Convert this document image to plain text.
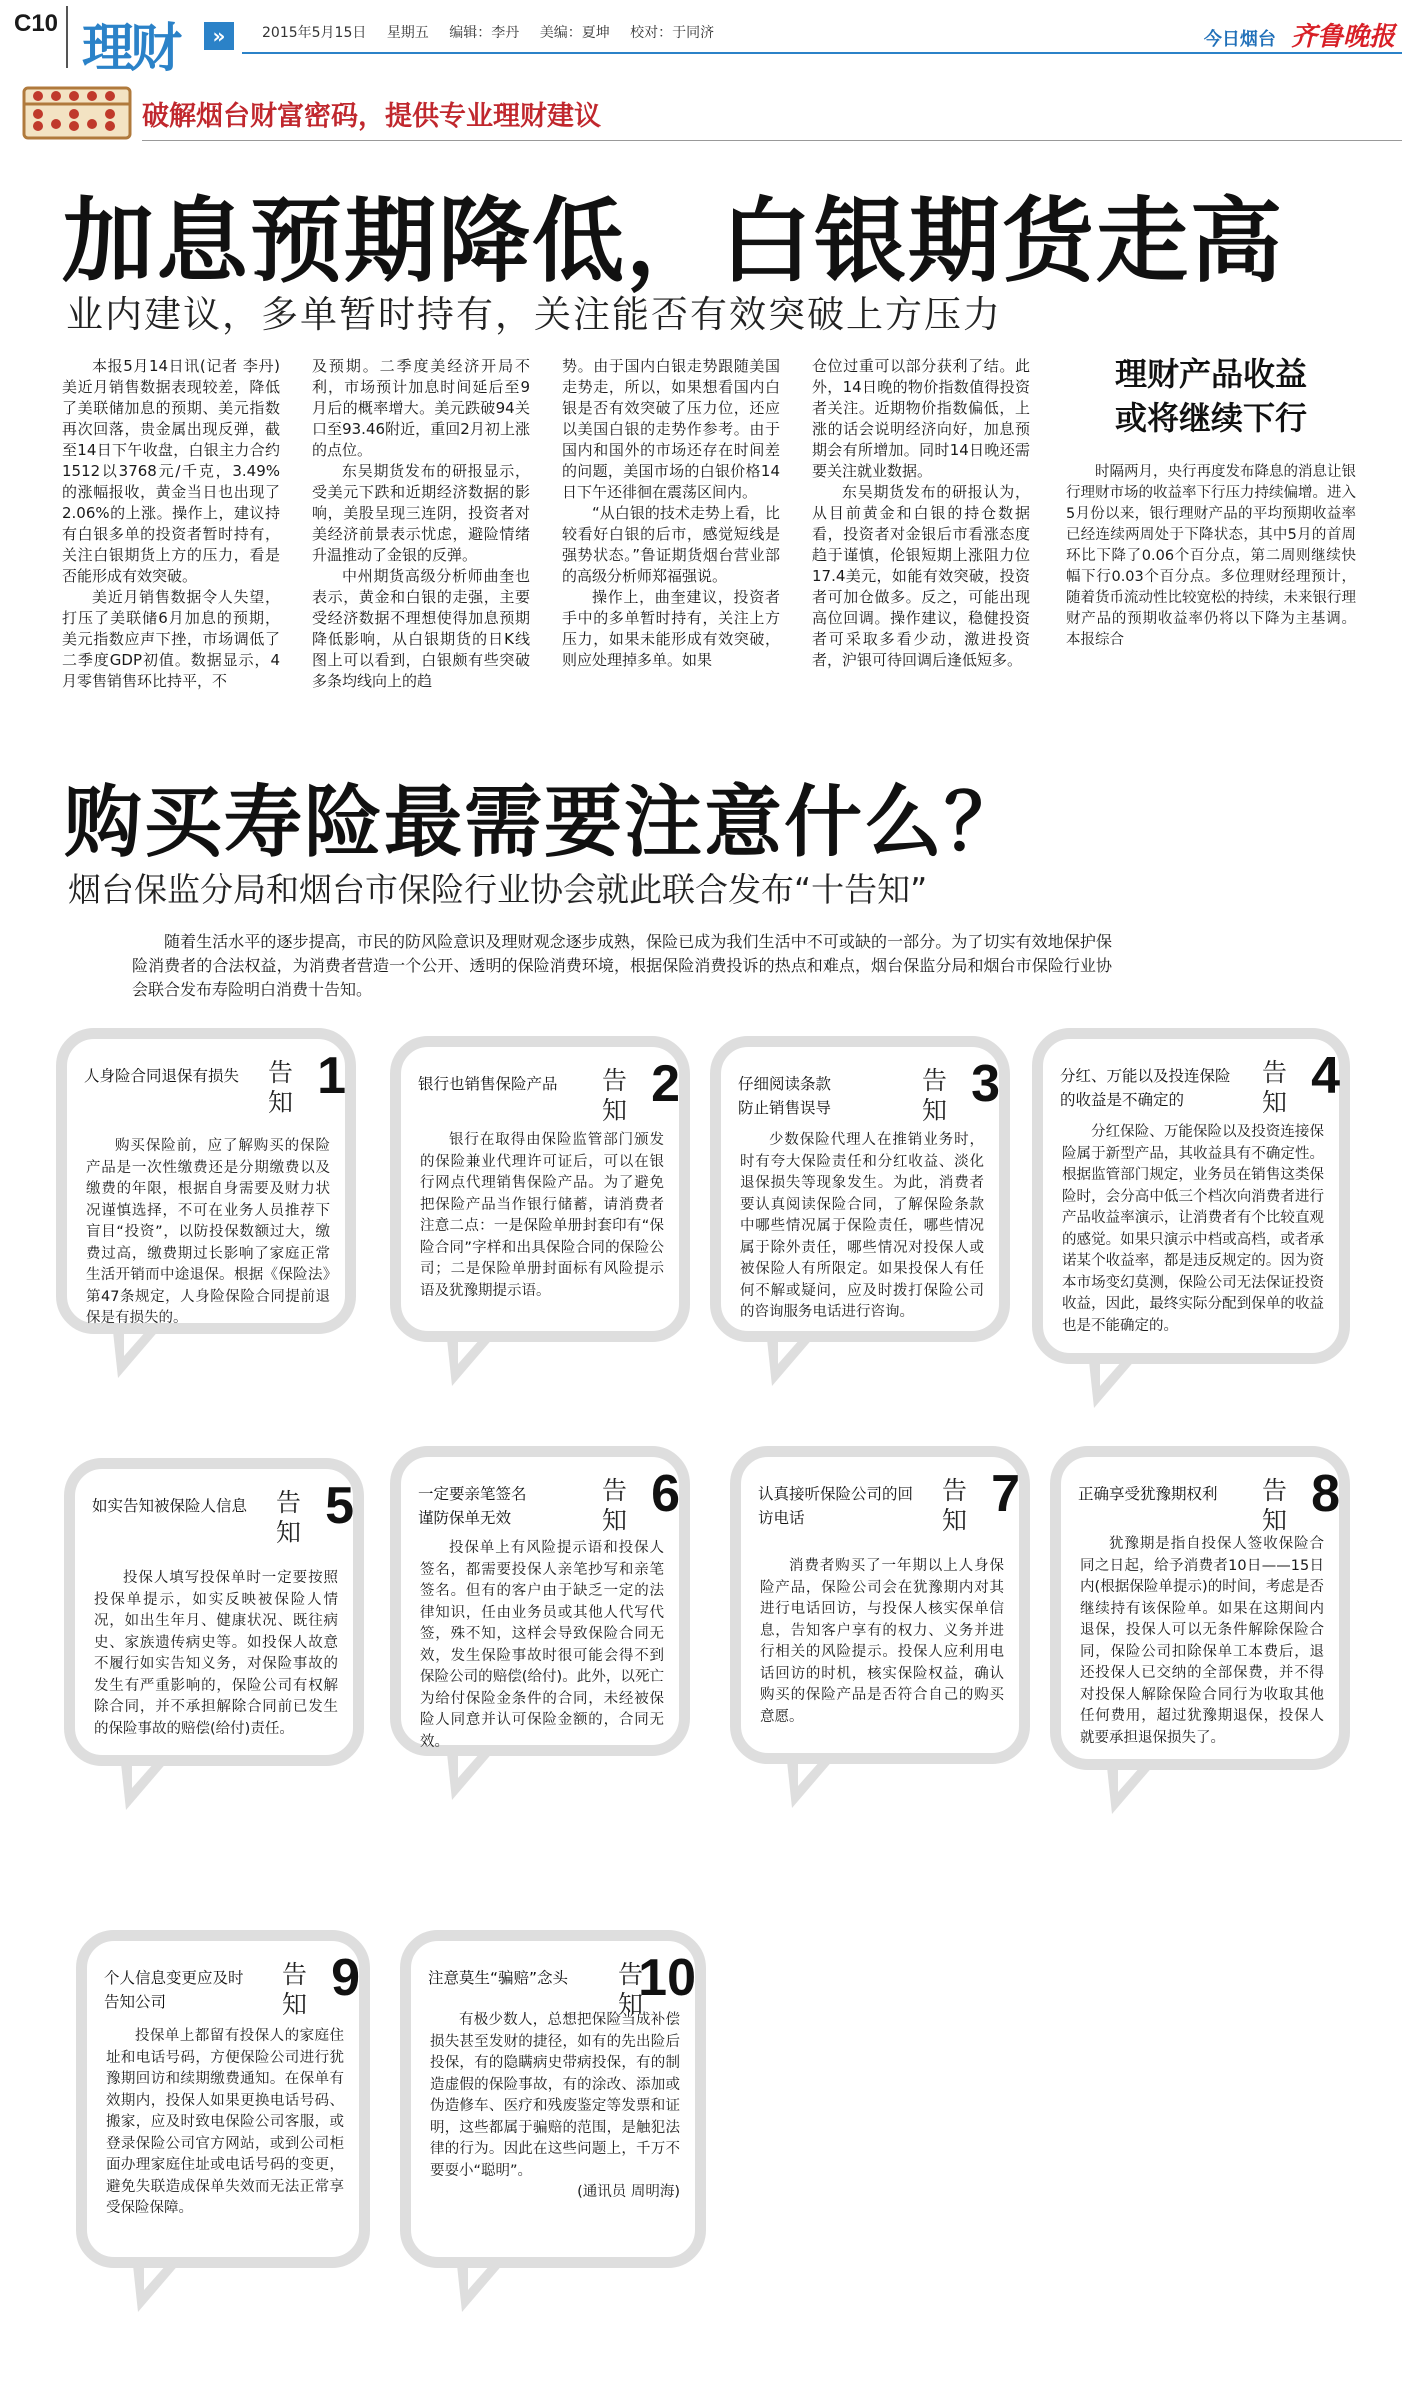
C10 理财	»	2015年5月15日 星期五 编辑：李丹 美编：夏坤 校对：于同济	今日烟台 齐鲁晚报
破解烟台财富密码，提供专业理财建议
加息预期降低，白银期货走高
业内建议，多单暂时持有，关注能否有效突破上方压力

本报5月14日讯(记者 李丹) 美近月销售数据表现较差，降低了美联储加息的预期、美元指数再次回落，贵金属出现反弹，截至14日下午收盘，白银主力合约1512以3768元/千克，3.49%的涨幅报收，黄金当日也出现了2.06%的上涨。操作上，建议持有白银多单的投资者暂时持有，关注白银期货上方的压力，看是否能形成有效突破。

美近月销售数据令人失望，打压了美联储6月加息的预期，美元指数应声下挫，市场调低了二季度GDP初值。数据显示，4月零售销售环比持平，不

及预期。二季度美经济开局不利，市场预计加息时间延后至9月后的概率增大。美元跌破94关口至93.46附近，重回2月初上涨的点位。

东吴期货发布的研报显示，受美元下跌和近期经济数据的影响，美股呈现三连阴，投资者对美经济前景表示忧虑，避险情绪升温推动了金银的反弹。

中州期货高级分析师曲奎也表示，黄金和白银的走强，主要受经济数据不理想使得加息预期降低影响，从白银期货的日K线图上可以看到，白银颇有些突破多条均线向上的趋

势。由于国内白银走势跟随美国走势走，所以，如果想看国内白银是否有效突破了压力位，还应以美国白银的走势作参考。由于国内和国外的市场还存在时间差的问题，美国市场的白银价格14日下午还徘徊在震荡区间内。

“从白银的技术走势上看，比较看好白银的后市，感觉短线是强势状态。”鲁证期货烟台营业部的高级分析师郑福强说。

操作上，曲奎建议，投资者手中的多单暂时持有，关注上方压力，如果未能形成有效突破，则应处理掉多单。如果

仓位过重可以部分获利了结。此外，14日晚的物价指数值得投资者关注。近期物价指数偏低，上涨的话会说明经济向好，加息预期会有所增加。同时14日晚还需要关注就业数据。

东吴期货发布的研报认为，从目前黄金和白银的持仓数据看，投资者对金银后市看涨态度趋于谨慎，伦银短期上涨阻力位17.4美元，如能有效突破，投资者可加仓做多。反之，可能出现高位回调。操作建议，稳健投资者可采取多看少动，激进投资者，沪银可待回调后逢低短多。

理财产品收益
或将继续下行

时隔两月，央行再度发布降息的消息让银行理财市场的收益率下行压力持续偏增。进入5月份以来，银行理财产品的平均预期收益率已经连续两周处于下降状态，其中5月的首周环比下降了0.06个百分点，第二周则继续快幅下行0.03个百分点。多位理财经理预计，随着货币流动性比较宽松的持续，未来银行理财产品的预期收益率仍将以下降为主基调。 本报综合

购买寿险最需要注意什么？
烟台保监分局和烟台市保险行业协会就此联合发布“十告知”

随着生活水平的逐步提高，市民的防风险意识及理财观念逐步成熟，保险已成为我们生活中不可或缺的一部分。为了切实有效地保护保险消费者的合法权益，为消费者营造一个公开、透明的保险消费环境，根据保险消费投诉的热点和难点，烟台保监分局和烟台市保险行业协会联合发布寿险明白消费十告知。

告知 1
人身险合同退保有损失

购买保险前，应了解购买的保险产品是一次性缴费还是分期缴费以及缴费的年限，根据自身需要及财力状况谨慎选择，不可在业务人员推荐下盲目“投资”，以防投保数额过大，缴费过高，缴费期过长影响了家庭正常生活开销而中途退保。根据《保险法》第47条规定，人身险保险合同提前退保是有损失的。

告知 2
银行也销售保险产品

银行在取得由保险监管部门颁发的保险兼业代理许可证后，可以在银行网点代理销售保险产品。为了避免把保险产品当作银行储蓄，请消费者注意二点：一是保险单册封套印有“保险合同”字样和出具保险合同的保险公司；二是保险单册封面标有风险提示语及犹豫期提示语。

告知 3
仔细阅读条款
防止销售误导

少数保险代理人在推销业务时，时有夸大保险责任和分红收益、淡化退保损失等现象发生。为此，消费者要认真阅读保险合同，了解保险条款中哪些情况属于保险责任，哪些情况属于除外责任，哪些情况对投保人或被保险人有所限定。如果投保人有任何不解或疑问，应及时拨打保险公司的咨询服务电话进行咨询。

告知 4
分红、万能以及投连保险
的收益是不确定的

分红保险、万能保险以及投资连接保险属于新型产品，其收益具有不确定性。根据监管部门规定，业务员在销售这类保险时，会分高中低三个档次向消费者进行产品收益率演示，让消费者有个比较直观的感觉。如果只演示中档或高档，或者承诺某个收益率，都是违反规定的。因为资本市场变幻莫测，保险公司无法保证投资收益，因此，最终实际分配到保单的收益也是不能确定的。

告知 5
如实告知被保险人信息

投保人填写投保单时一定要按照投保单提示，如实反映被保险人情况，如出生年月、健康状况、既往病史、家族遗传病史等。如投保人故意不履行如实告知义务，对保险事故的发生有严重影响的，保险公司有权解除合同，并不承担解除合同前已发生的保险事故的赔偿(给付)责任。

告知 6
一定要亲笔签名
谨防保单无效

投保单上有风险提示语和投保人签名，都需要投保人亲笔抄写和亲笔签名。但有的客户由于缺乏一定的法律知识，任由业务员或其他人代写代签，殊不知，这样会导致保险合同无效，发生保险事故时很可能会得不到保险公司的赔偿(给付)。此外，以死亡为给付保险金条件的合同，未经被保险人同意并认可保险金额的，合同无效。

告知 7
认真接听保险公司的回
访电话

消费者购买了一年期以上人身保险产品，保险公司会在犹豫期内对其进行电话回访，与投保人核实保单信息，告知客户享有的权力、义务并进行相关的风险提示。投保人应利用电话回访的时机，核实保险权益，确认购买的保险产品是否符合自己的购买意愿。

告知 8
正确享受犹豫期权利

犹豫期是指自投保人签收保险合同之日起，给予消费者10日——15日内(根据保险单提示)的时间，考虑是否继续持有该保险单。如果在这期间内退保，投保人可以无条件解除保险合同，保险公司扣除保单工本费后，退还投保人已交纳的全部保费，并不得对投保人解除保险合同行为收取其他任何费用，超过犹豫期退保，投保人就要承担退保损失了。

告知 9
个人信息变更应及时
告知公司

投保单上都留有投保人的家庭住址和电话号码，方便保险公司进行犹豫期回访和续期缴费通知。在保单有效期内，投保人如果更换电话号码、搬家，应及时致电保险公司客服，或登录保险公司官方网站，或到公司柜面办理家庭住址或电话号码的变更，避免失联造成保单失效而无法正常享受保险保障。

告知
10
注意莫生“骗赔”念头

有极少数人，总想把保险当成补偿损失甚至发财的捷径，如有的先出险后投保，有的隐瞒病史带病投保，有的制造虚假的保险事故，有的涂改、添加或伪造修车、医疗和残废鉴定等发票和证明，这些都属于骗赔的范围，是触犯法律的行为。因此在这些问题上，千万不要耍小“聪明”。

(通讯员 周明海)
